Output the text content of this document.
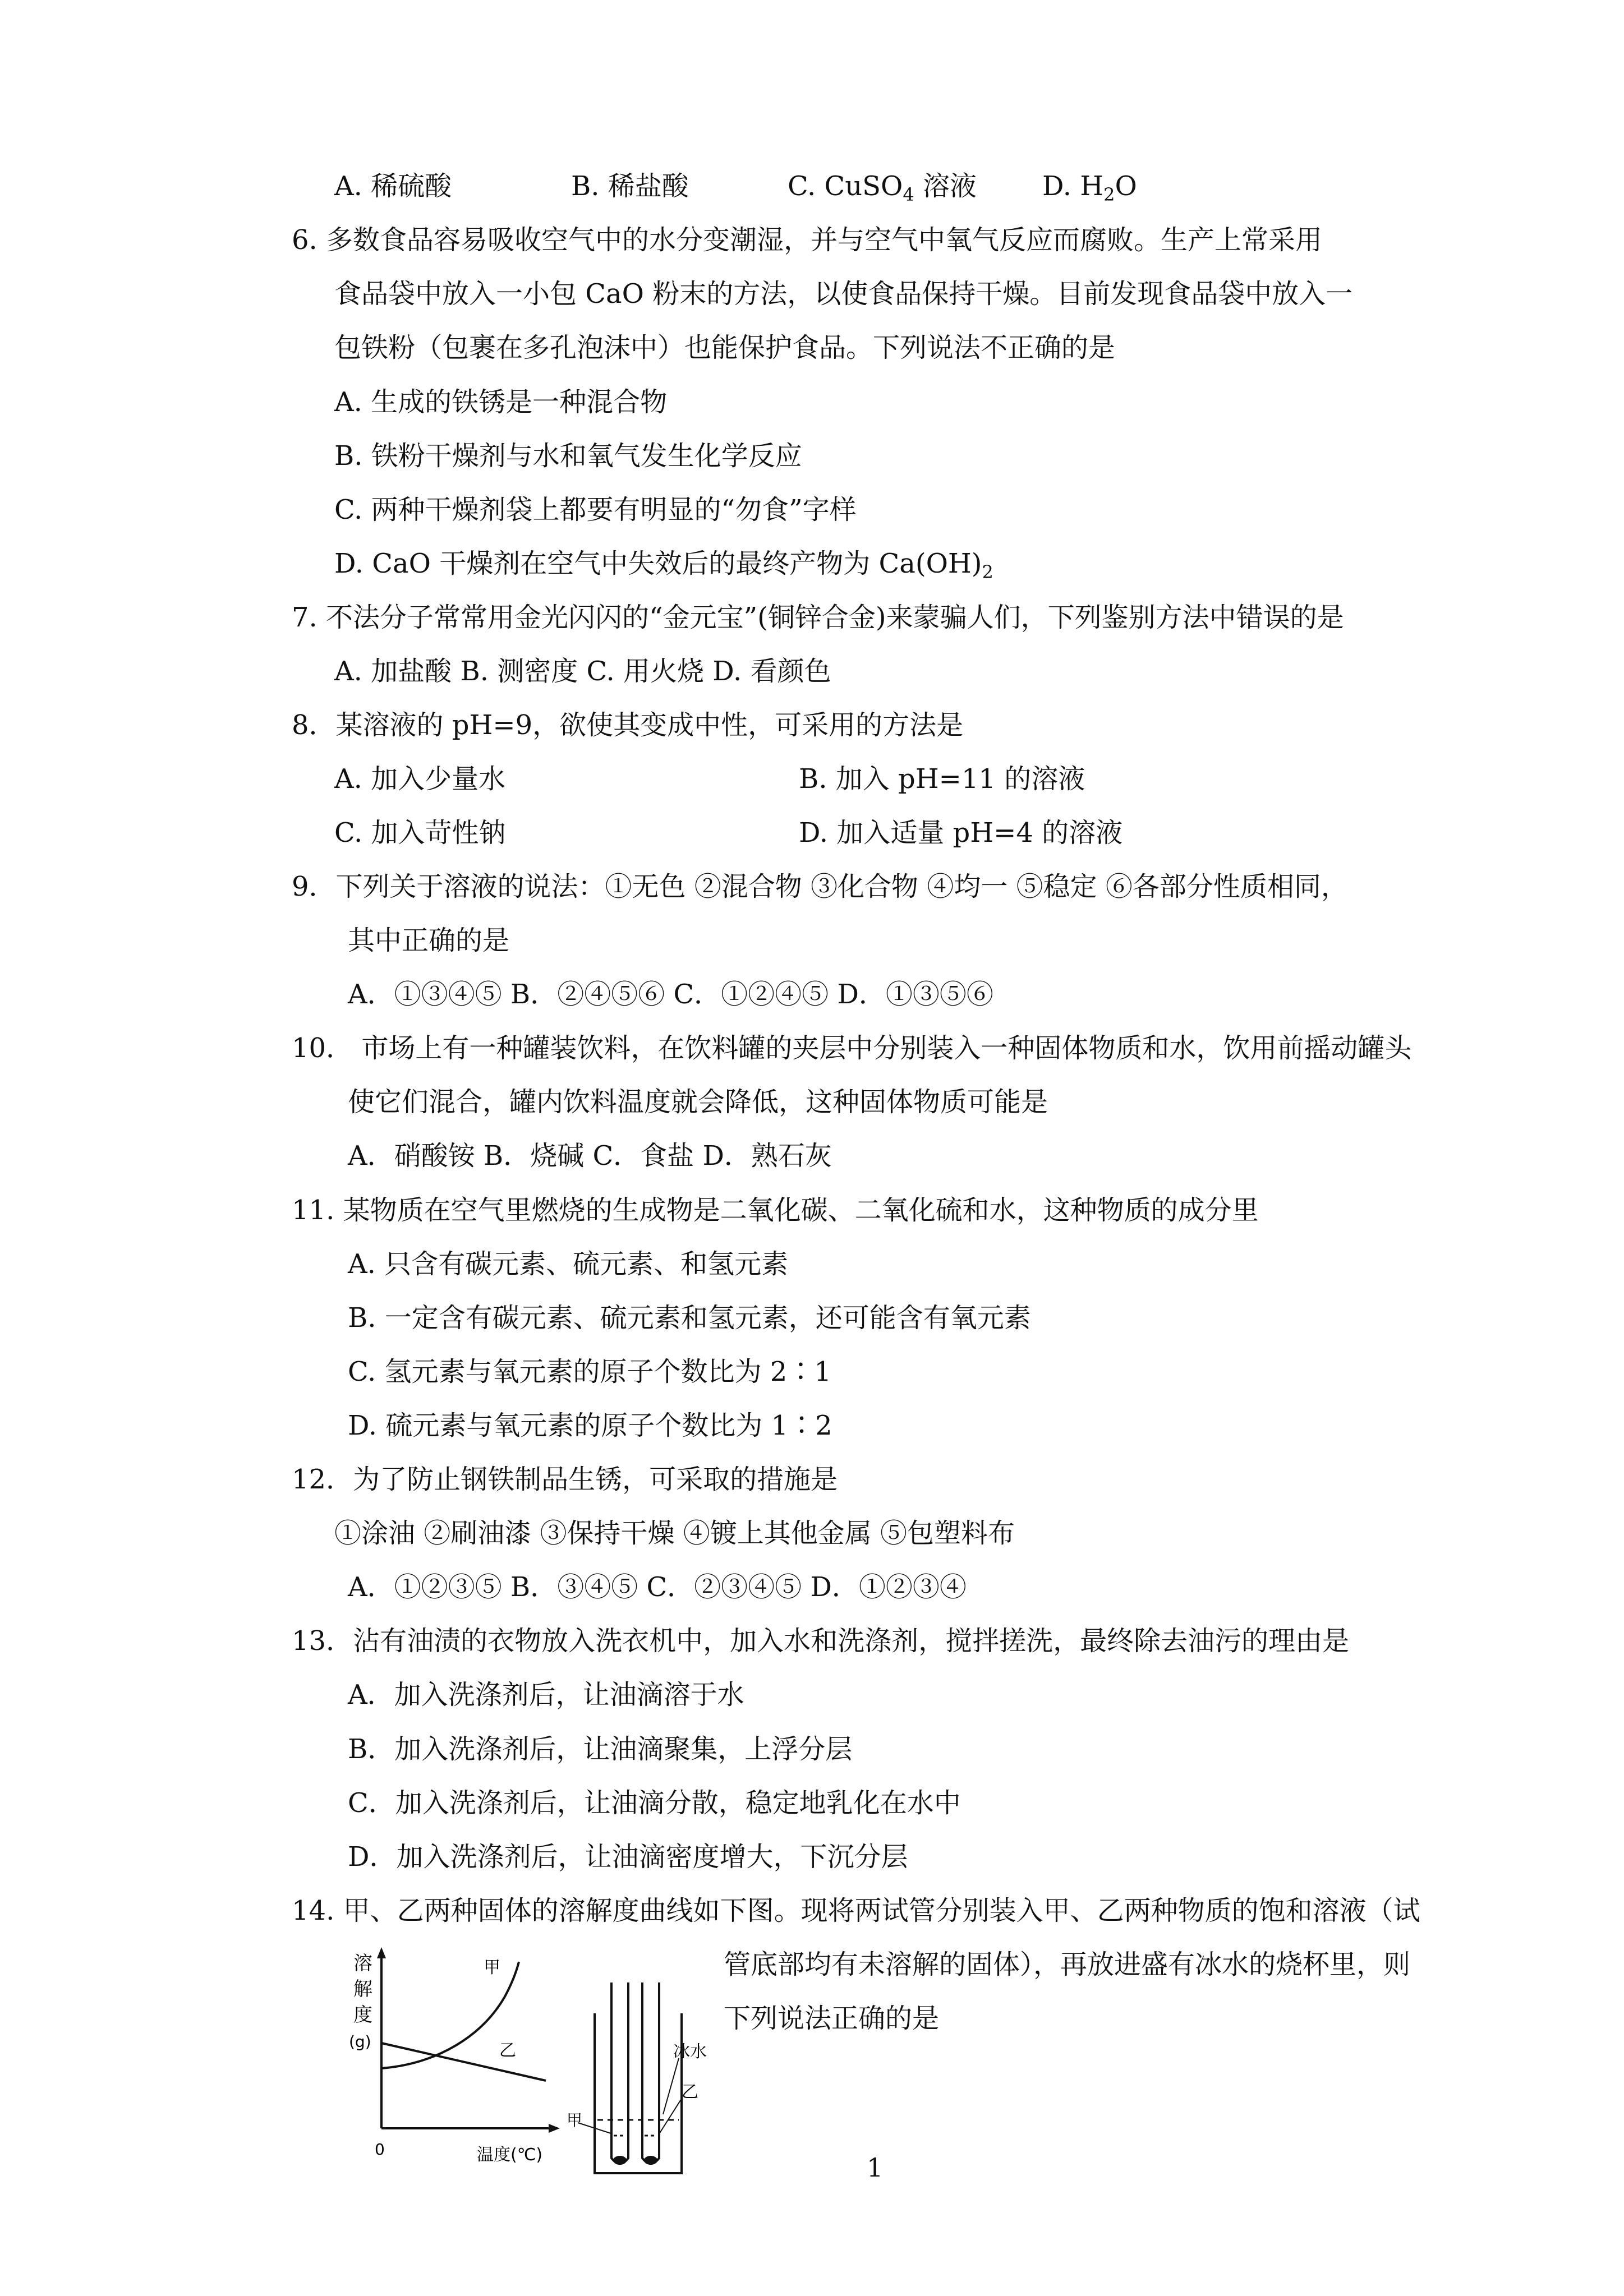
A. 稀硫酸	B. 稀盐酸	C. CuSO$_4$ 溶液 D. $H_2O$
6. 多数食品容易吸收空气中的水分变潮湿，并与空气中氧气反应而腐败。生产上常采用
食品袋中放入一小包 CaO 粉末的方法，以使食品保持干燥。目前发现食品袋中放入一
包铁粉（包裹在多孔泡沫中）也能保护食品。下列说法不正确的是
A. 生成的铁锈是一种混合物
B. 铁粉干燥剂与水和氧气发生化学反应
C. 两种干燥剂袋上都要有明显的“勿食”字样
D. CaO 干燥剂在空气中失效后的最终产物为 $Ca(OH)_2$
7. 不法分子常常用金光闪闪的“金元宝”(铜锌合金)来蒙骗人们，下列鉴别方法中错误的是
A. 加盐酸 B. 测密度 C. 用火烧 D. 看颜色
8．某溶液的 pH=9，欲使其变成中性，可采用的方法是
A. 加入少量水	B. 加入 pH=11 的溶液
C. 加入苛性钠	D. 加入适量 pH=4 的溶液
9．下列关于溶液的说法：①无色 ②混合物 ③化合物 ④均一 ⑤稳定 ⑥各部分性质相同，
其中正确的是
A．①③④⑤ B．②④⑤⑥ C．①②④⑤ D．①③⑤⑥
10． 市场上有一种罐装饮料，在饮料罐的夹层中分别装入一种固体物质和水，饮用前摇动罐头
使它们混合，罐内饮料温度就会降低，这种固体物质可能是
A．硝酸铵 B．烧碱 C．食盐 D．熟石灰
11. 某物质在空气里燃烧的生成物是二氧化碳、二氧化硫和水，这种物质的成分里
A. 只含有碳元素、硫元素、和氢元素
B. 一定含有碳元素、硫元素和氢元素，还可能含有氧元素
C. 氢元素与氧元素的原子个数比为 2∶1
D. 硫元素与氧元素的原子个数比为 1∶2
12．为了防止钢铁制品生锈，可采取的措施是
①涂油 ②刷油漆 ③保持干燥 ④镀上其他金属 ⑤包塑料布
A．①②③⑤ B．③④⑤ C．②③④⑤ D．①②③④
13．沾有油渍的衣物放入洗衣机中，加入水和洗涤剂，搅拌搓洗，最终除去油污的理由是
A．加入洗涤剂后，让油滴溶于水
B．加入洗涤剂后，让油滴聚集，上浮分层
C．加入洗涤剂后，让油滴分散，稳定地乳化在水中
D．加入洗涤剂后，让油滴密度增大，下沉分层
14. 甲、乙两种固体的溶解度曲线如下图。现将两试管分别装入甲、乙两种物质的饱和溶液（试
管底部均有未溶解的固体），再放进盛有冰水的烧杯里，则
下列说法正确的是
溶
解
度
(g)
甲
乙
0	温度(℃)
冰水
乙
甲
1
